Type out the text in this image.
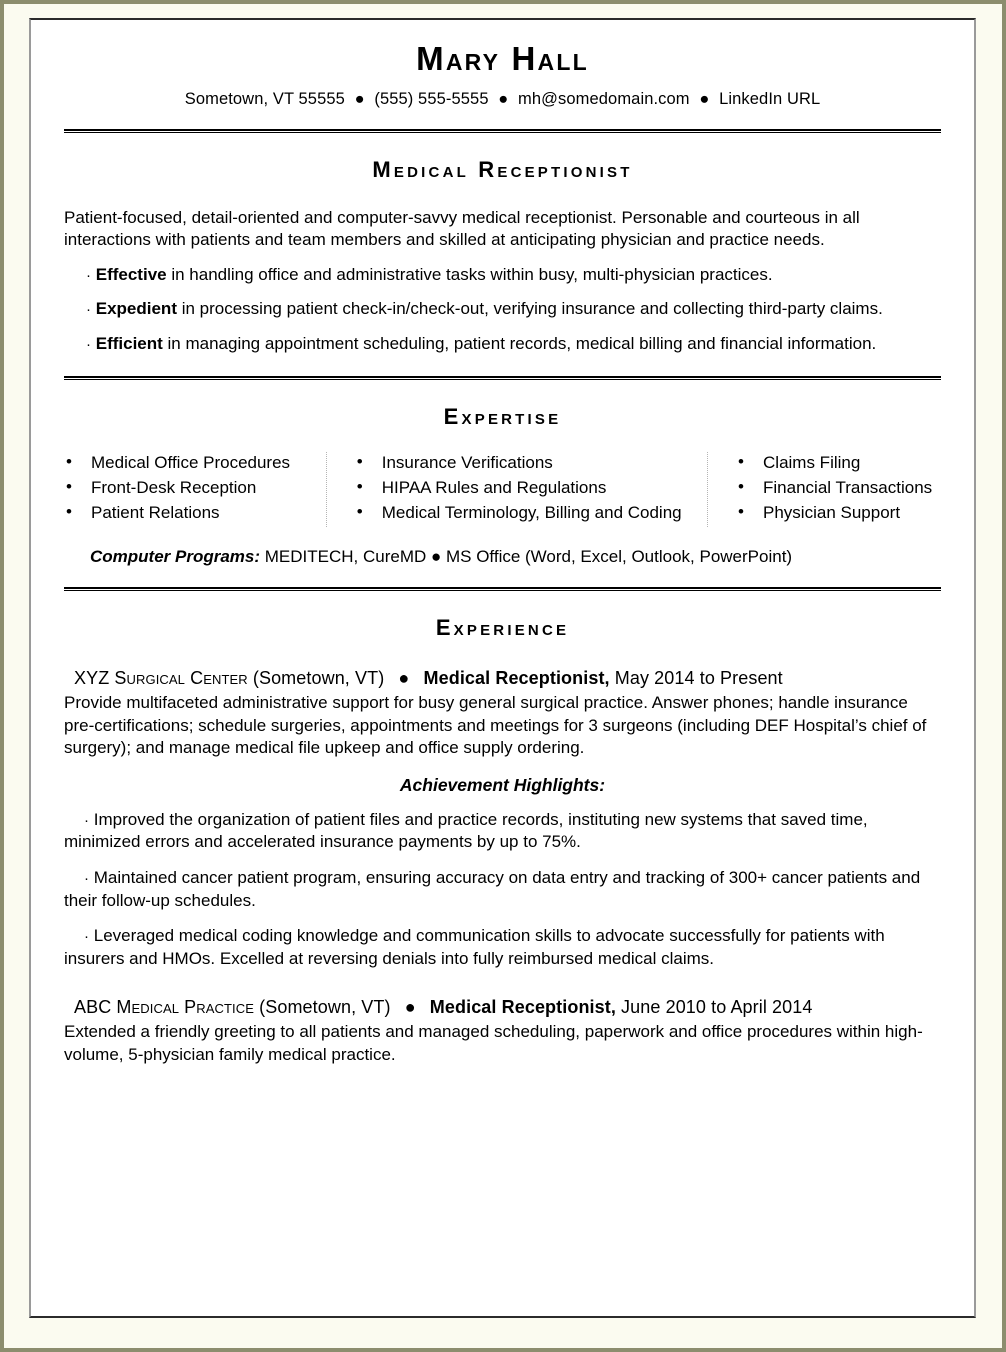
Mary Hall
Sometown, VT 55555 ● (555) 555-5555 ● mh@somedomain.com ● LinkedIn URL
Medical Receptionist
Patient-focused, detail-oriented and computer-savvy medical receptionist. Personable and courteous in all interactions with patients and team members and skilled at anticipating physician and practice needs.
· Effective in handling office and administrative tasks within busy, multi-physician practices.
· Expedient in processing patient check-in/check-out, verifying insurance and collecting third-party claims.
· Efficient in managing appointment scheduling, patient records, medical billing and financial information.
Expertise
• Medical Office Procedures
• Front-Desk Reception
• Patient Relations
• Insurance Verifications
• HIPAA Rules and Regulations
• Medical Terminology, Billing and Coding
• Claims Filing
• Financial Transactions
• Physician Support
Computer Programs: MEDITECH, CureMD ● MS Office (Word, Excel, Outlook, PowerPoint)
Experience
XYZ Surgical Center (Sometown, VT) ● Medical Receptionist, May 2014 to Present
Provide multifaceted administrative support for busy general surgical practice. Answer phones; handle insurance pre-certifications; schedule surgeries, appointments and meetings for 3 surgeons (including DEF Hospital’s chief of surgery); and manage medical file upkeep and office supply ordering.
Achievement Highlights:
· Improved the organization of patient files and practice records, instituting new systems that saved time, minimized errors and accelerated insurance payments by up to 75%.
· Maintained cancer patient program, ensuring accuracy on data entry and tracking of 300+ cancer patients and their follow-up schedules.
· Leveraged medical coding knowledge and communication skills to advocate successfully for patients with insurers and HMOs. Excelled at reversing denials into fully reimbursed medical claims.
ABC Medical Practice (Sometown, VT) ● Medical Receptionist, June 2010 to April 2014
Extended a friendly greeting to all patients and managed scheduling, paperwork and office procedures within high-volume, 5-physician family medical practice.
